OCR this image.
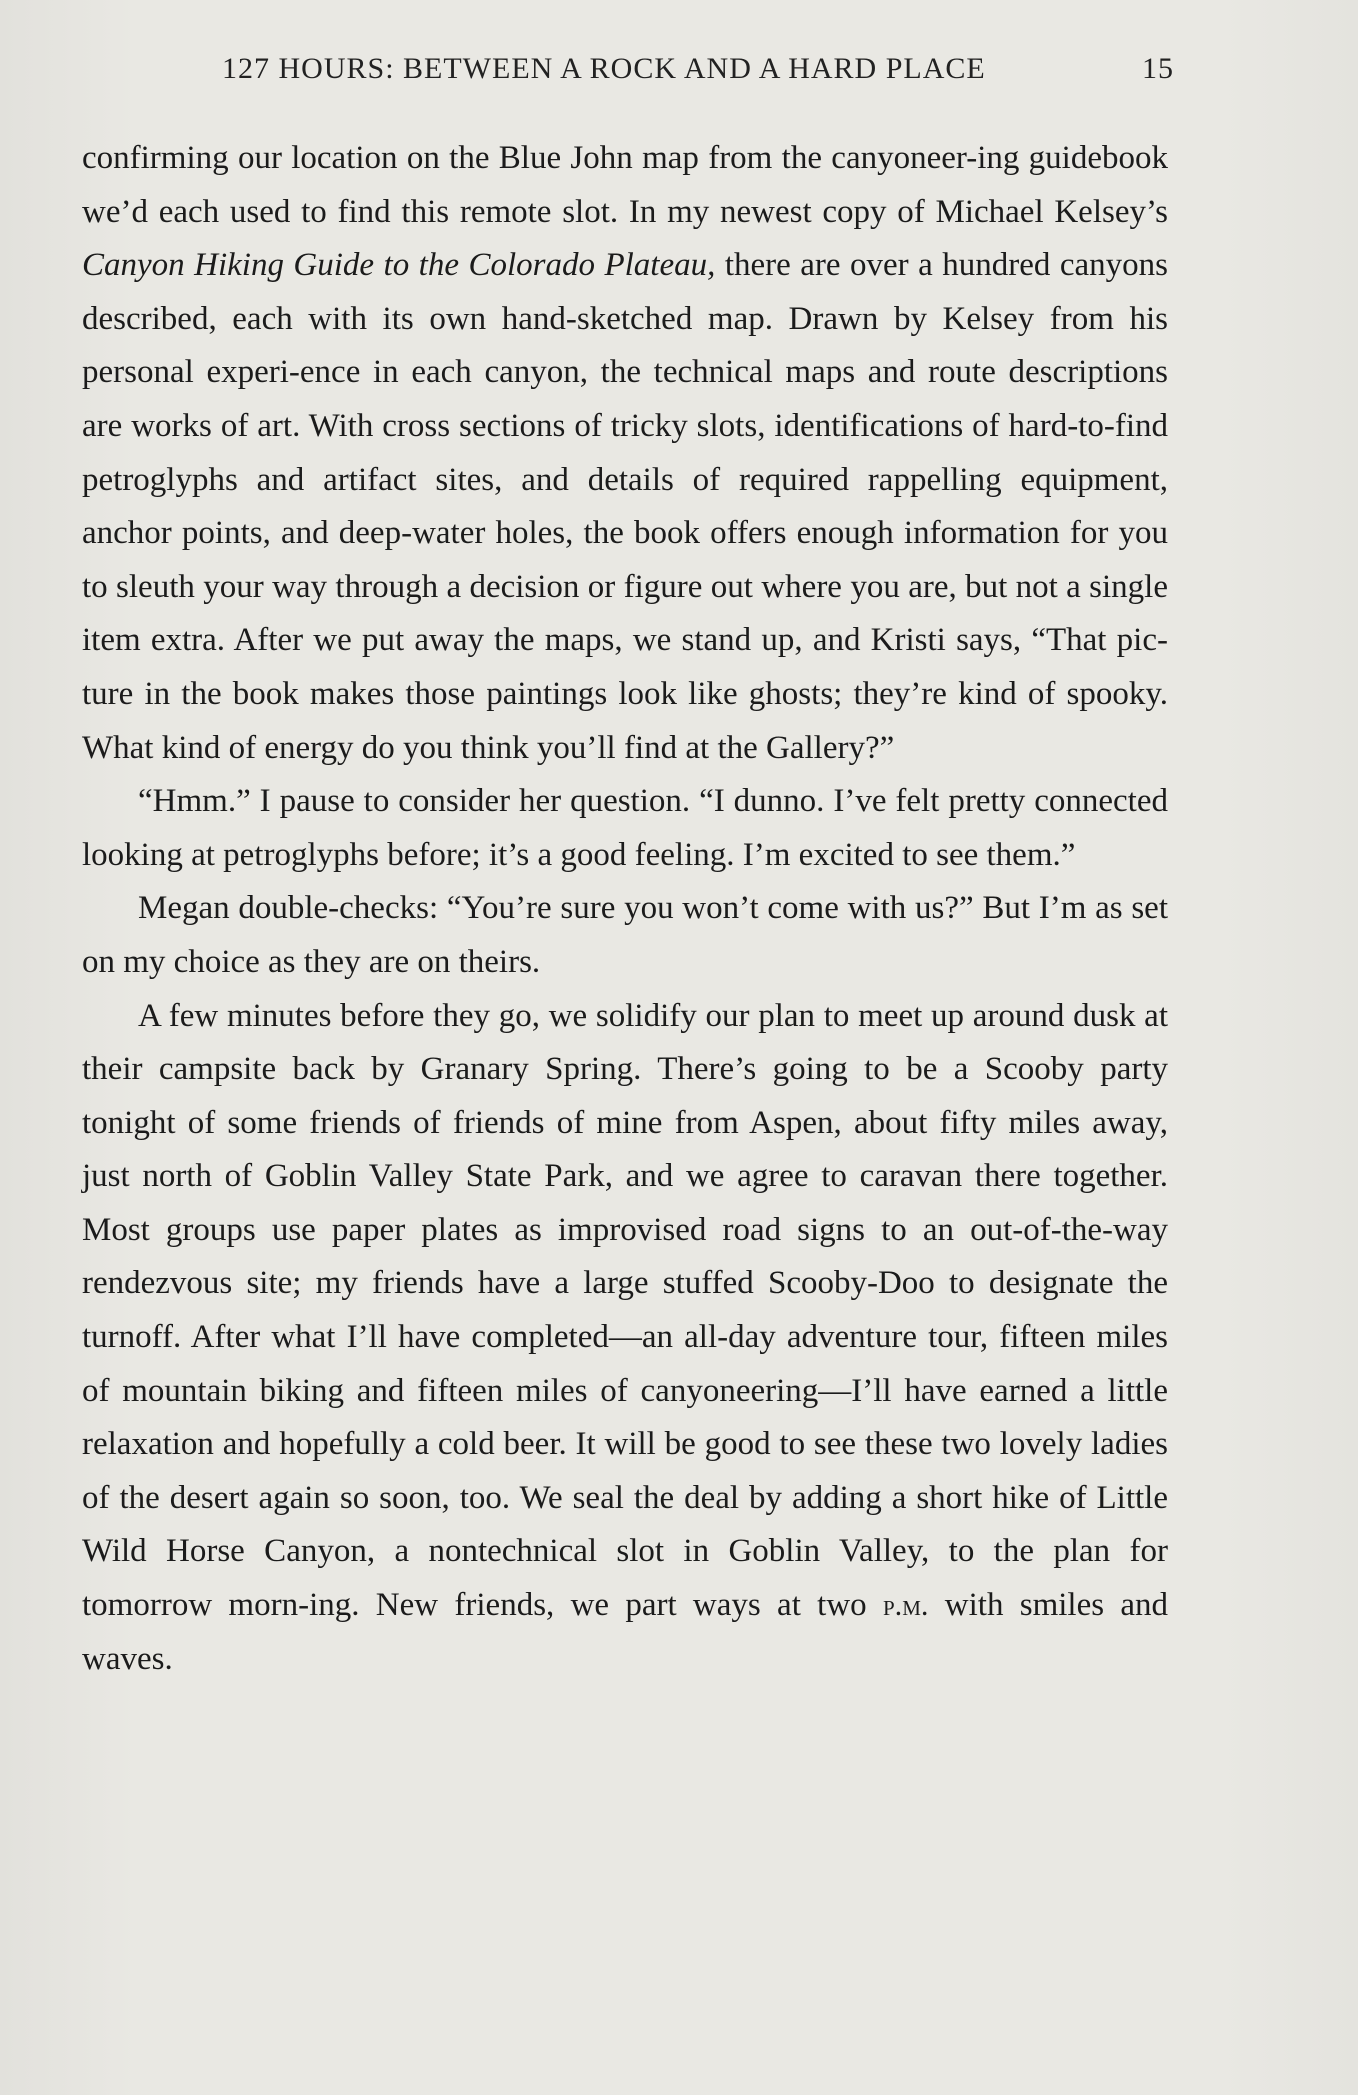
127 HOURS: BETWEEN A ROCK AND A HARD PLACE	15

confirming our location on the Blue John map from the canyoneer-ing guidebook we’d each used to find this remote slot. In my newest copy of Michael Kelsey’s Canyon Hiking Guide to the Colorado Plateau, there are over a hundred canyons described, each with its own hand-sketched map. Drawn by Kelsey from his personal experi-ence in each canyon, the technical maps and route descriptions are works of art. With cross sections of tricky slots, identifications of hard-to-find petroglyphs and artifact sites, and details of required rappelling equipment, anchor points, and deep-water holes, the book offers enough information for you to sleuth your way through a decision or figure out where you are, but not a single item extra. After we put away the maps, we stand up, and Kristi says, “That pic-ture in the book makes those paintings look like ghosts; they’re kind of spooky. What kind of energy do you think you’ll find at the Gallery?”

“Hmm.” I pause to consider her question. “I dunno. I’ve felt pretty connected looking at petroglyphs before; it’s a good feeling. I’m excited to see them.”

Megan double-checks: “You’re sure you won’t come with us?” But I’m as set on my choice as they are on theirs.

A few minutes before they go, we solidify our plan to meet up around dusk at their campsite back by Granary Spring. There’s going to be a Scooby party tonight of some friends of friends of mine from Aspen, about fifty miles away, just north of Goblin Valley State Park, and we agree to caravan there together. Most groups use paper plates as improvised road signs to an out-of-the-way rendezvous site; my friends have a large stuffed Scooby-Doo to designate the turnoff. After what I’ll have completed—an all-day adventure tour, fifteen miles of mountain biking and fifteen miles of canyoneering—I’ll have earned a little relaxation and hopefully a cold beer. It will be good to see these two lovely ladies of the desert again so soon, too. We seal the deal by adding a short hike of Little Wild Horse Canyon, a nontechnical slot in Goblin Valley, to the plan for tomorrow morn-ing. New friends, we part ways at two p.m. with smiles and waves.
